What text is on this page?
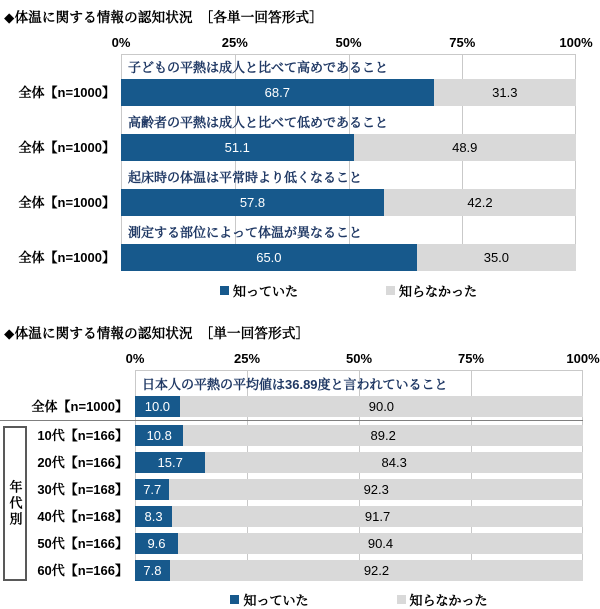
◆体温に関する情報の認知状況　［各単一回答形式］
0%	25%	50%	75%	100%
子どもの平熱は成人と比べて高めであること
全体【n=1000】	68.7	31.3
高齢者の平熱は成人と比べて低めであること
全体【n=1000】	51.1	48.9
起床時の体温は平常時より低くなること
全体【n=1000】	57.8	42.2
測定する部位によって体温が異なること
全体【n=1000】	65.0	35.0
知っていた	知らなかった
◆体温に関する情報の認知状況　［単一回答形式］
0%	25%	50%	75%	100%
日本人の平熱の平均値は36.89度と言われていること
全体【n=1000】	10.0	90.0
10代【n=166】	10.8	89.2
20代【n=166】	15.7	84.3
30代【n=168】	7.7	92.3
40代【n=168】	8.3	91.7
50代【n=166】	9.6	90.4
60代【n=166】	7.8	92.2
年代別
知っていた	知らなかった
